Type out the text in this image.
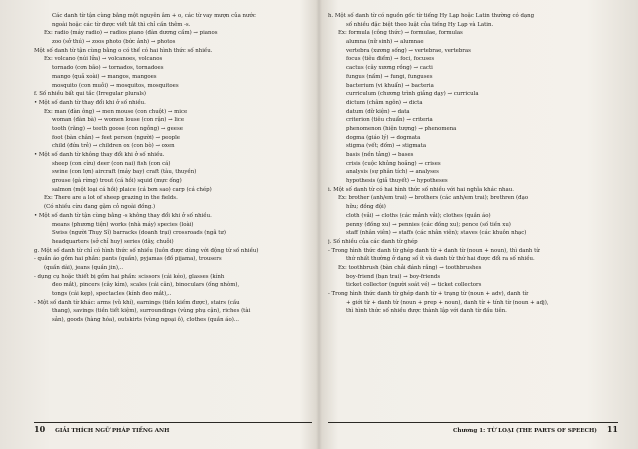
Các danh từ tận cùng bằng một nguyên âm + o, các từ vay mượn của nước
ngoài hoặc các từ được viết tắt thì chỉ cần thêm -s.
Ex: radio (máy radio) → radios piano (đàn dương cầm) → pianos
zoo (sở thú) → zoos photo (bức ảnh) → photos
Một số danh từ tận cùng bằng o có thể có hai hình thức số nhiều.
Ex: volcano (núi lửa) → volcanoes, volcanos
tornado (cơn bão) → tornados, tornadoes
mango (quả xoài) → mangos, mangoes
mosquito (con muỗi) → mosquitos, mosquitoes
f. Số nhiều bất qui tắc (Irregular plurals)
• Một số danh từ thay đổi khi ở số nhiều.
Ex: man (đàn ông) → men mouse (con chuột) → mice
woman (đàn bà) → women louse (con rận) → lice
tooth (răng) → teeth goose (con ngỗng) → geese
foot (bàn chân) → feet person (người) → people
child (đứa trẻ) → children ox (con bò) → oxen
• Một số danh từ không thay đổi khi ở số nhiều.
sheep (con cừu) deer (con nai) fish (con cá)
swine (con lợn) aircraft (máy bay) craft (tàu, thuyền)
grouse (gà rừng) trout (cá hồi) squid (mực ống)
salmon (một loại cá hồi) plaice (cá bơn sao) carp (cá chép)
Ex: There are a lot of sheep grazing in the fields.
(Có nhiều cừu đang gặm cỏ ngoài đồng.)
• Một số danh từ tận cùng bằng -s không thay đổi khi ở số nhiều.
means (phương tiện) works (nhà máy) species (loài)
Swiss (người Thụy Sĩ) barracks (doanh trại) crossroads (ngã tư)
headquarters (sở chỉ huy) series (dãy, chuỗi)
g. Một số danh từ chỉ có hình thức số nhiều (luôn được dùng với động từ số nhiều)
- quần áo gồm hai phần: pants (quần), pyjamas (đồ pijama), trousers
(quần dài), jeans (quần jin),..
- dụng cụ hoặc thiết bị gồm hai phần: scissors (cái kéo), glasses (kính
đeo mắt), pincers (cây kìm), scales (cái cân), binoculars (ống nhòm),
tongs (cái kẹp), spectacles (kính đeo mắt),..
- Một số danh từ khác: arms (vũ khí), earnings (tiền kiếm được), stairs (cầu
thang), savings (tiền tiết kiệm), surroundings (vùng phụ cận), riches (tài
sản), goods (hàng hóa), outskirts (vùng ngoại ô), clothes (quần áo)...
10 GIẢI THÍCH NGỮ PHÁP TIẾNG ANH
h. Một số danh từ có nguồn gốc từ tiếng Hy Lạp hoặc Latin thường có dạng
số nhiều đặc biệt theo luật của tiếng Hy Lạp và Latin.
Ex: formula (công thức) → formulae, formulas
alumna (nữ sinh) → alumnae
vertebra (xương sống) → vertebrae, vertebras
focus (tiêu điểm) → foci, focuses
cactus (cây xương rồng) → cacti
fungus (nấm) → fungi, funguses
bacterium (vi khuẩn) → bacteria
curriculum (chương trình giảng dạy) → curricula
dictum (châm ngôn) → dicta
datum (dữ kiện) → data
criterion (tiêu chuẩn) → criteria
phenomenon (hiện tượng) → phenomena
dogma (giáo lý) → dogmata
stigma (vết; đốm) → stigmata
basis (nền tảng) → bases
crisis (cuộc khủng hoảng) → crises
analysis (sự phân tích) → analyses
hypothesis (giả thuyết) → hypotheses
i. Một số danh từ có hai hình thức số nhiều với hai nghĩa khác nhau.
Ex: brother (anh/em trai) → brothers (các anh/em trai); brethren (đạo
hữu; đồng đội)
cloth (vải) → cloths (các mảnh vải); clothes (quần áo)
penny (đồng xu) → pennies (các đồng xu); pence (số tiền xu)
staff (nhân viên) → staffs (các nhân viên); staves (các khuôn nhạc)
j. Số nhiều của các danh từ ghép
- Trong hình thức danh từ ghép danh từ + danh từ (noun + noun), thì danh từ
thứ nhất thường ở dạng số ít và danh từ thứ hai được đổi ra số nhiều.
Ex: toothbrush (bàn chải đánh răng) → toothbrushes
boy-friend (bạn trai) → boy-friends
ticket collector (người soát vé) → ticket collectors
- Trong hình thức danh từ ghép danh từ + trạng từ (noun + adv), danh từ
+ giới từ + danh từ (noun + prep + noun), danh từ + tính từ (noun + adj),
thì hình thức số nhiều được thành lập với danh từ đầu tiên.
Chương 1: TỪ LOẠI (THE PARTS OF SPEECH) 11
